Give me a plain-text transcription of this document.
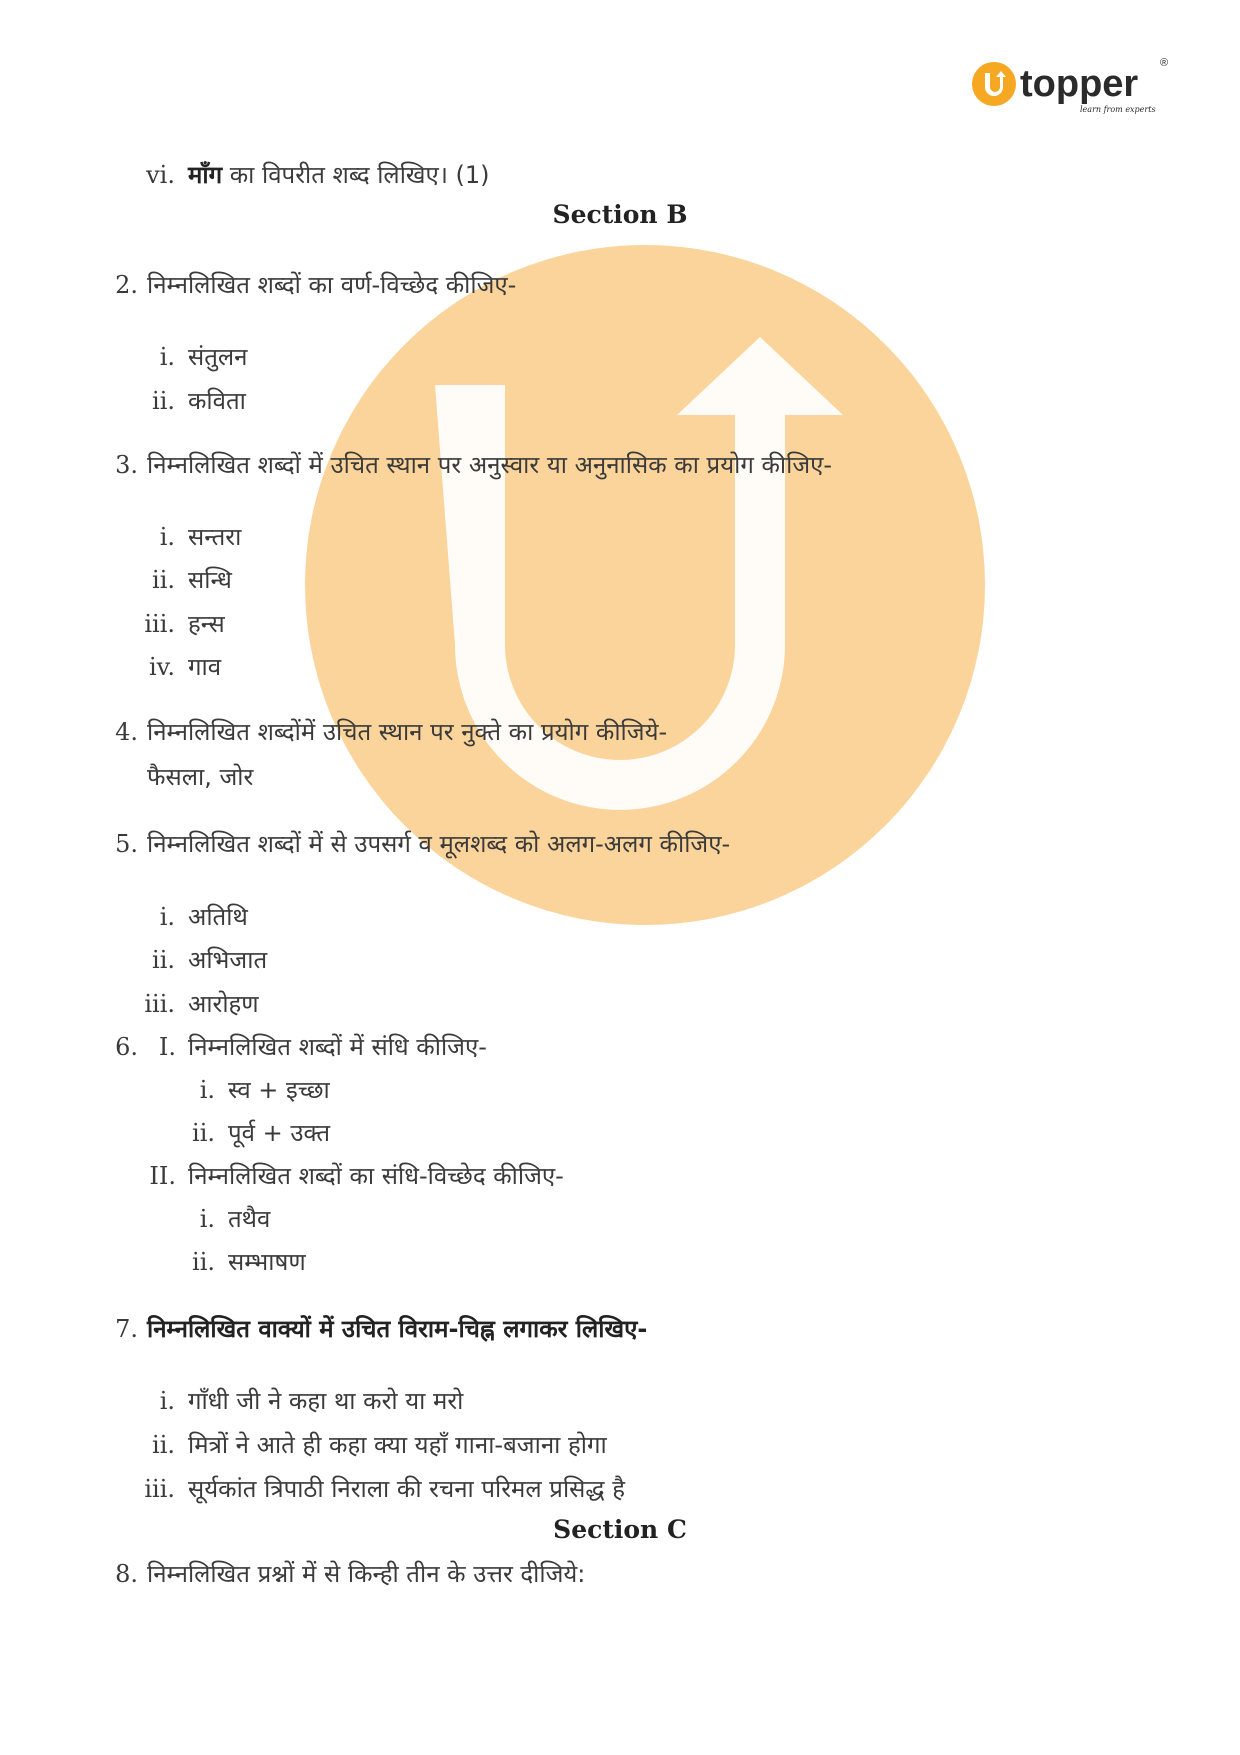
topper ®
learn from experts
vi. माँग का विपरीत शब्द लिखिए। (1)
Section B
2. निम्नलिखित शब्दों का वर्ण-विच्छेद कीजिए-
i. संतुलन
ii. कविता
3. निम्नलिखित शब्दों में उचित स्थान पर अनुस्वार या अनुनासिक का प्रयोग कीजिए-
i. सन्तरा
ii. सन्धि
iii. हन्स
iv. गाव
4. निम्नलिखित शब्दोंमें उचित स्थान पर नुक्ते का प्रयोग कीजिये-
फैसला, जोर
5. निम्नलिखित शब्दों में से उपसर्ग व मूलशब्द को अलग-अलग कीजिए-
i. अतिथि
ii. अभिजात
iii. आरोहण
6. I. निम्नलिखित शब्दों में संधि कीजिए-
i. स्व + इच्छा
ii. पूर्व + उक्त
II. निम्नलिखित शब्दों का संधि-विच्छेद कीजिए-
i. तथैव
ii. सम्भाषण
7. निम्नलिखित वाक्यों में उचित विराम-चिह्न लगाकर लिखिए-
i. गाँधी जी ने कहा था करो या मरो
ii. मित्रों ने आते ही कहा क्या यहाँ गाना-बजाना होगा
iii. सूर्यकांत त्रिपाठी निराला की रचना परिमल प्रसिद्ध है
Section C
8. निम्नलिखित प्रश्नों में से किन्ही तीन के उत्तर दीजिये:
